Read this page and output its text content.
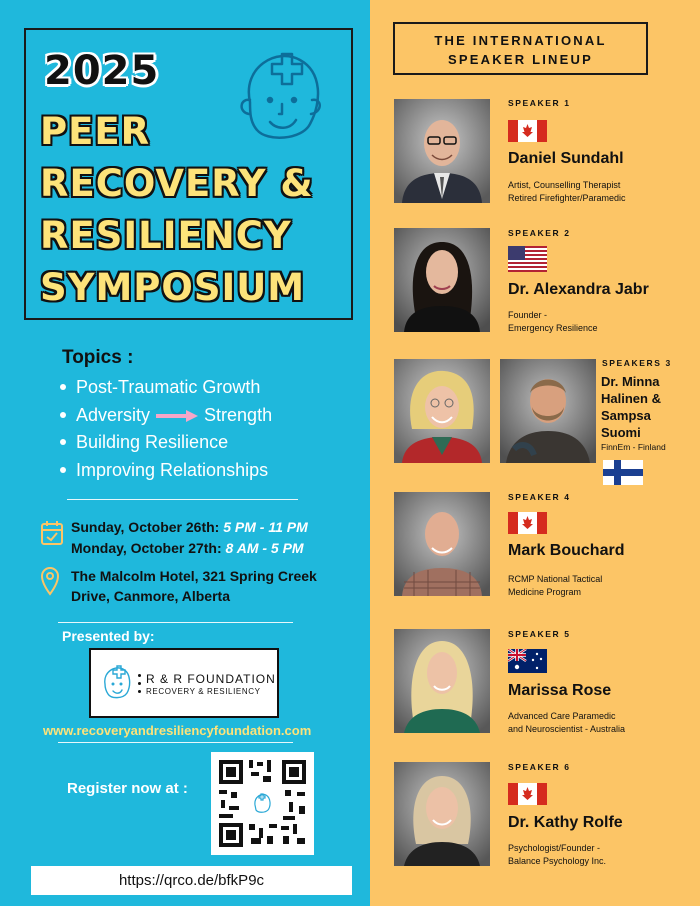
2025
PEER
RECOVERY &
RESILIENCY
SYMPOSIUM
Topics :
Post-Traumatic Growth
Adversity	Strength
Building Resilience
Improving Relationships
Sunday, October 26th: 5 PM - 11 PM
Monday, October 27th: 8 AM - 5 PM
The Malcolm Hotel, 321 Spring Creek Drive, Canmore, Alberta
Presented by:
R & R FOUNDATION
RECOVERY & RESILIENCY
www.recoveryandresiliencyfoundation.com
Register now at :
https://qrco.de/bfkP9c
THE INTERNATIONAL
SPEAKER LINEUP
SPEAKER 1
Daniel Sundahl
Artist, Counselling Therapist
Retired Firefighter/Paramedic
SPEAKER 2
Dr. Alexandra Jabr
Founder -
Emergency Resilience
SPEAKERS 3
Dr. Minna
Halinen &
Sampsa
Suomi
FinnEm - Finland
SPEAKER 4
Mark Bouchard
RCMP National Tactical
Medicine Program
SPEAKER 5
Marissa Rose
Advanced Care Paramedic
and Neuroscientist - Australia
SPEAKER 6
Dr. Kathy Rolfe
Psychologist/Founder -
Balance Psychology Inc.
